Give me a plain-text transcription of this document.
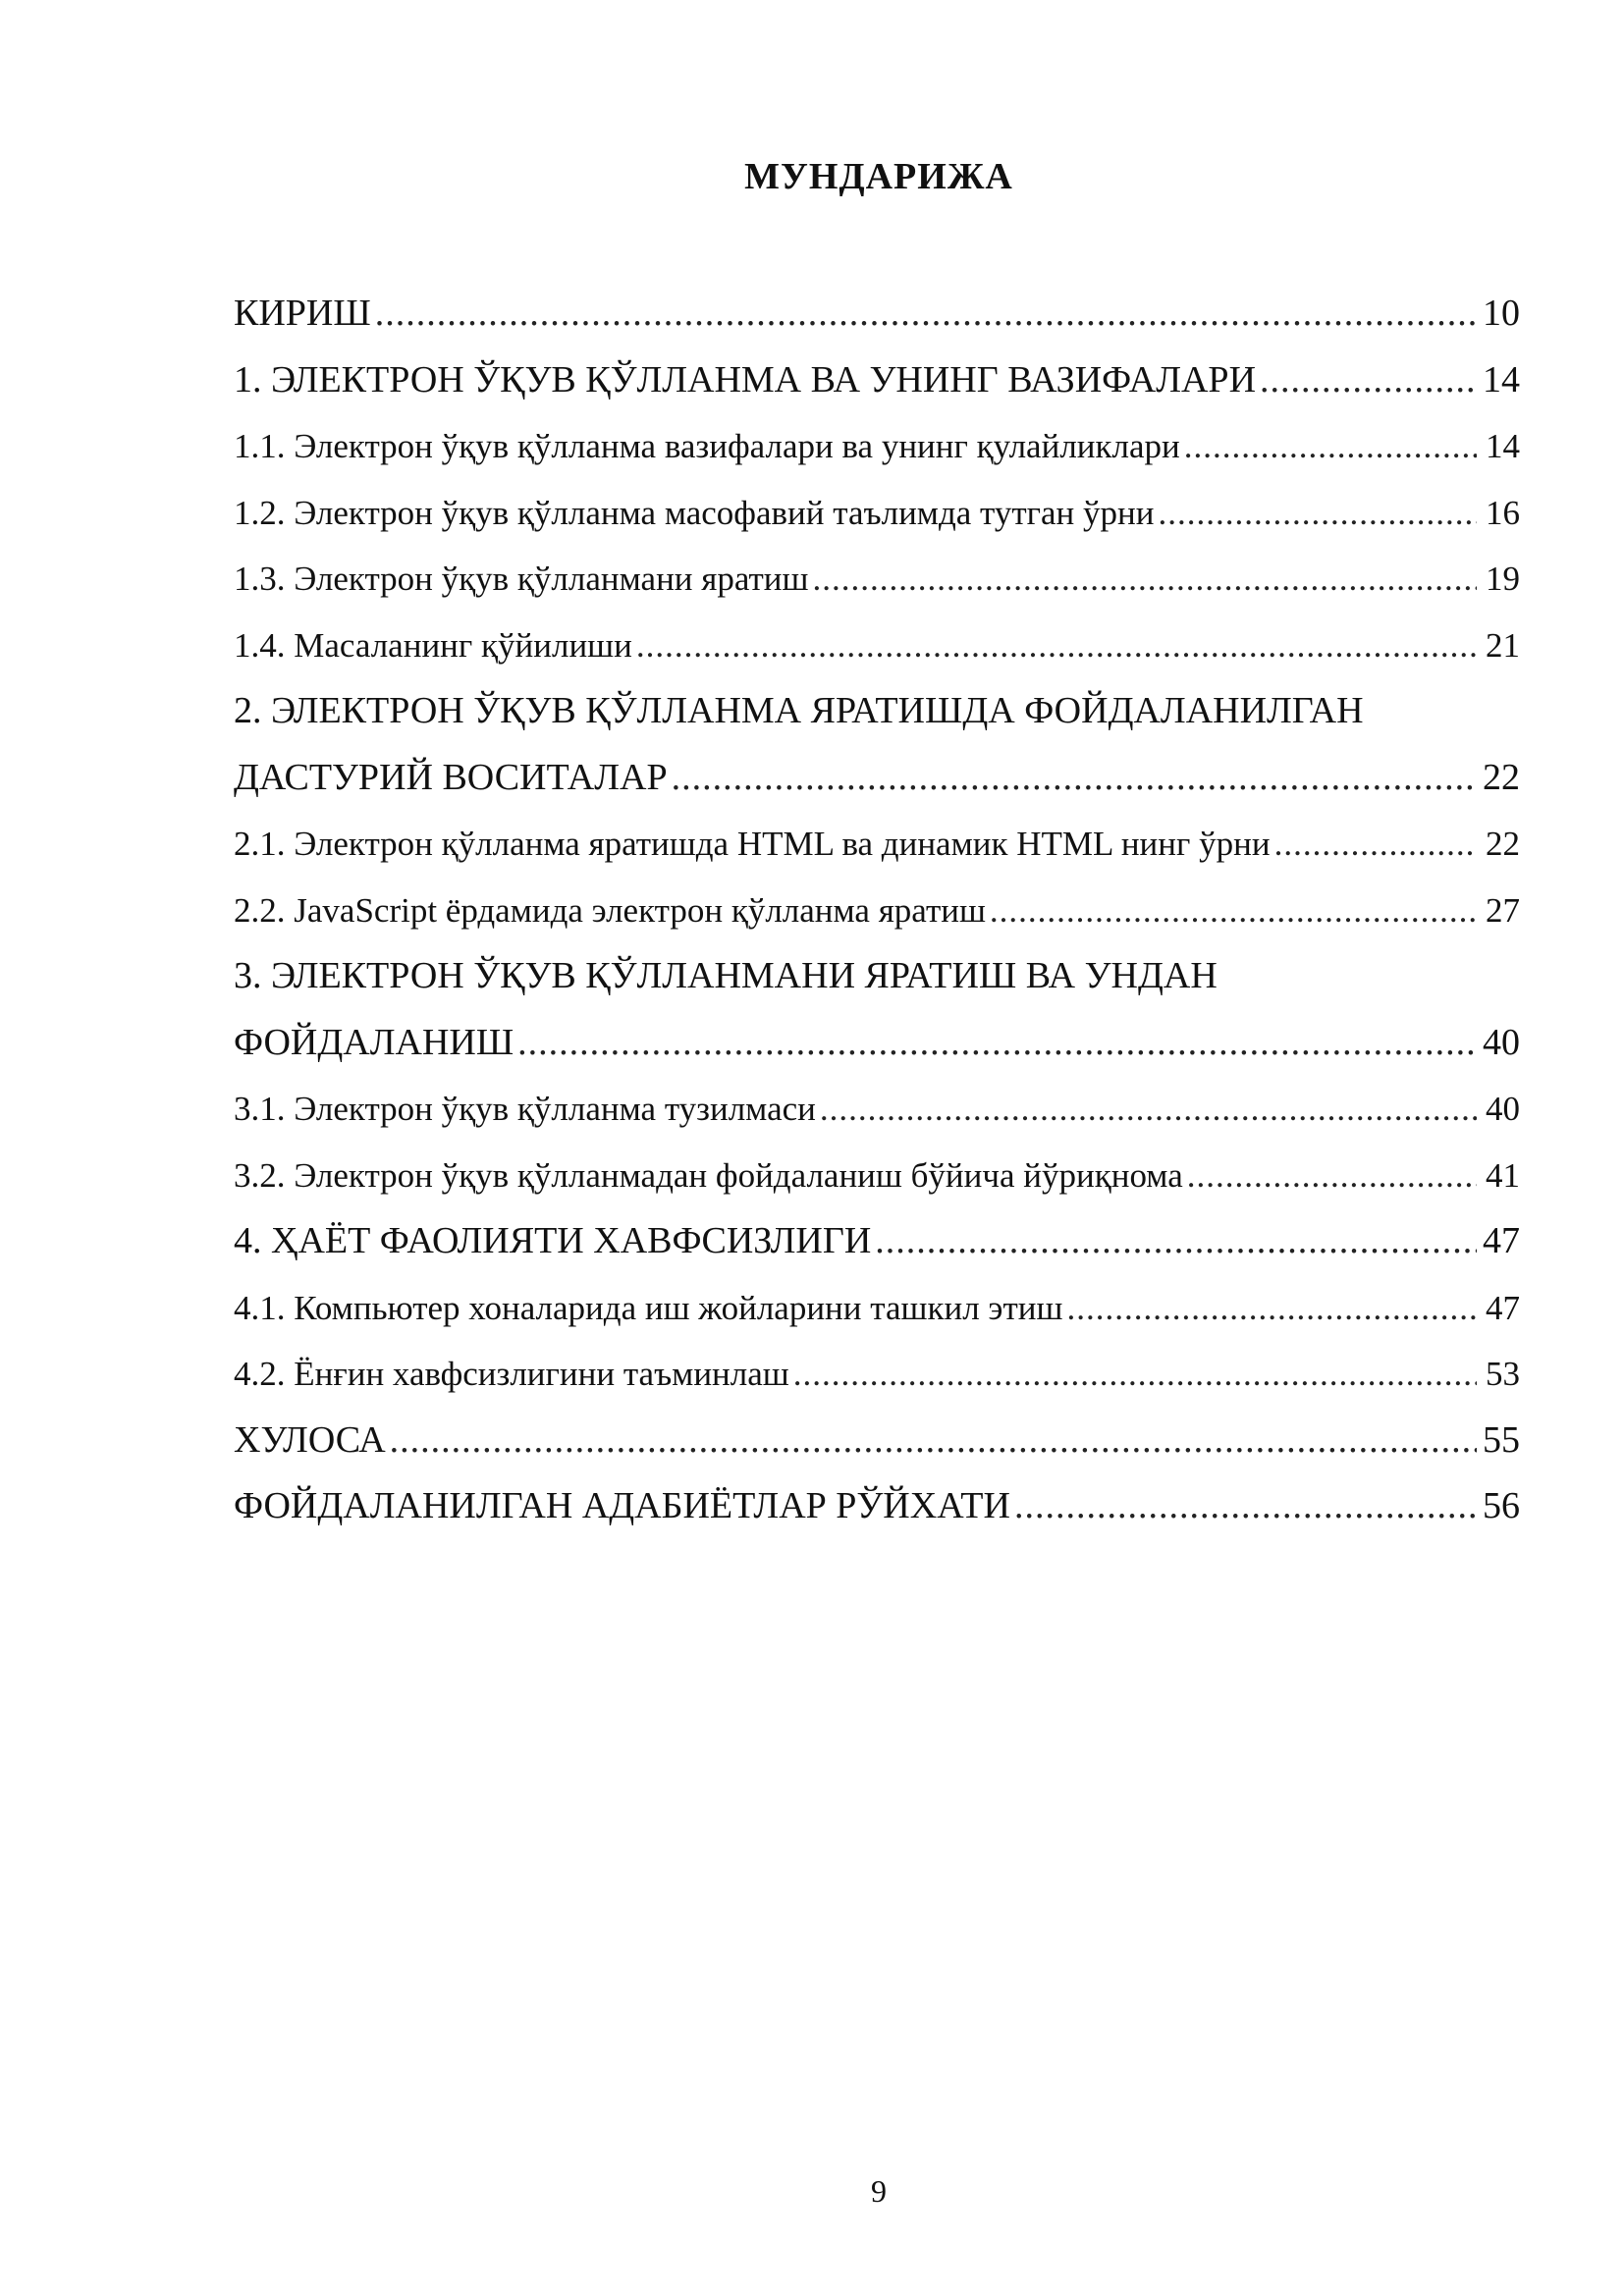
МУНДАРИЖА
КИРИШ .....	10
1. ЭЛЕКТРОН ЎҚУВ ҚЎЛЛАНМА ВА УНИНГ ВАЗИФАЛАРИ .....	14
1.1. Электрон ўқув қўлланма вазифалари ва унинг қулайликлари .....	14
1.2. Электрон ўқув қўлланма масофавий таълимда тутган ўрни .....	16
1.3. Электрон ўқув қўлланмани яратиш .....	19
1.4. Масаланинг қўйилиши .....	21
2. ЭЛЕКТРОН ЎҚУВ ҚЎЛЛАНМА ЯРАТИШДА ФОЙДАЛАНИЛГАН
ДАСТУРИЙ ВОСИТАЛАР .....	22
2.1. Электрон қўлланма яратишда HTML ва динамик HTML нинг ўрни .....	22
2.2. JavaScript ёрдамида электрон қўлланма яратиш .....	27
3. ЭЛЕКТРОН ЎҚУВ ҚЎЛЛАНМАНИ ЯРАТИШ ВА УНДАН
ФОЙДАЛАНИШ .....	40
3.1. Электрон ўқув қўлланма тузилмаси .....	40
3.2. Электрон ўқув қўлланмадан фойдаланиш бўйича йўриқнома .....	41
4. ҲАЁТ ФАОЛИЯТИ ХАВФСИЗЛИГИ .....	47
4.1. Компьютер хоналарида иш жойларини ташкил этиш .....	47
4.2. Ёнғин хавфсизлигини таъминлаш .....	53
ХУЛОСА .....	55
ФОЙДАЛАНИЛГАН АДАБИЁТЛАР РЎЙХАТИ .....	56
9
